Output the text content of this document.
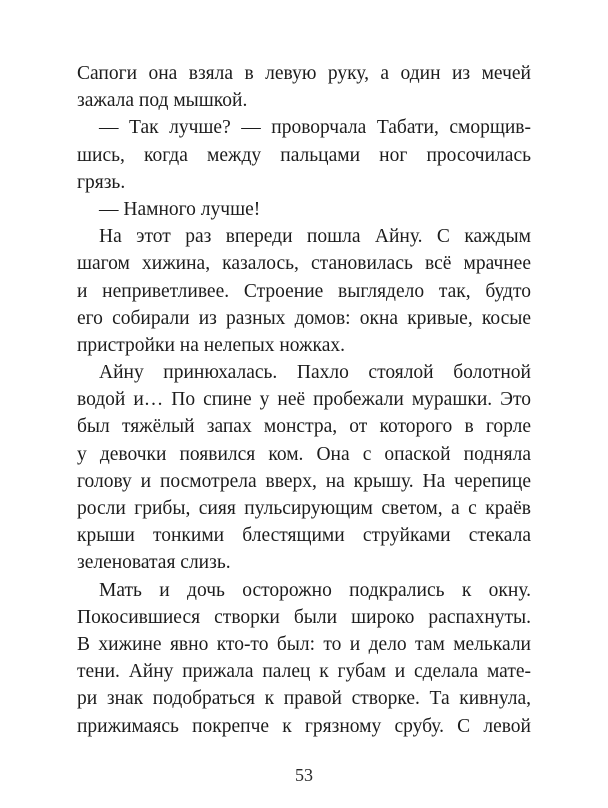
Сапоги она взяла в левую руку, а один из мечей
зажала под мышкой.
— Так лучше? — проворчала Табати, сморщив-
шись, когда между пальцами ног просочилась
грязь.
— Намного лучше!
На этот раз впереди пошла Айну. С каждым
шагом хижина, казалось, становилась всё мрачнее
и неприветливее. Строение выглядело так, будто
его собирали из разных домов: окна кривые, косые
пристройки на нелепых ножках.
Айну принюхалась. Пахло стоялой болотной
водой и… По спине у неё пробежали мурашки. Это
был тяжёлый запах монстра, от которого в горле
у девочки появился ком. Она с опаской подняла
голову и посмотрела вверх, на крышу. На черепице
росли грибы, сияя пульсирующим светом, а с краёв
крыши тонкими блестящими струйками стекала
зеленоватая слизь.
Мать и дочь осторожно подкрались к окну.
Покосившиеся створки были широко распахнуты.
В хижине явно кто-то был: то и дело там мелькали
тени. Айну прижала палец к губам и сделала мате-
ри знак подобраться к правой створке. Та кивнула,
прижимаясь покрепче к грязному срубу. С левой
53
